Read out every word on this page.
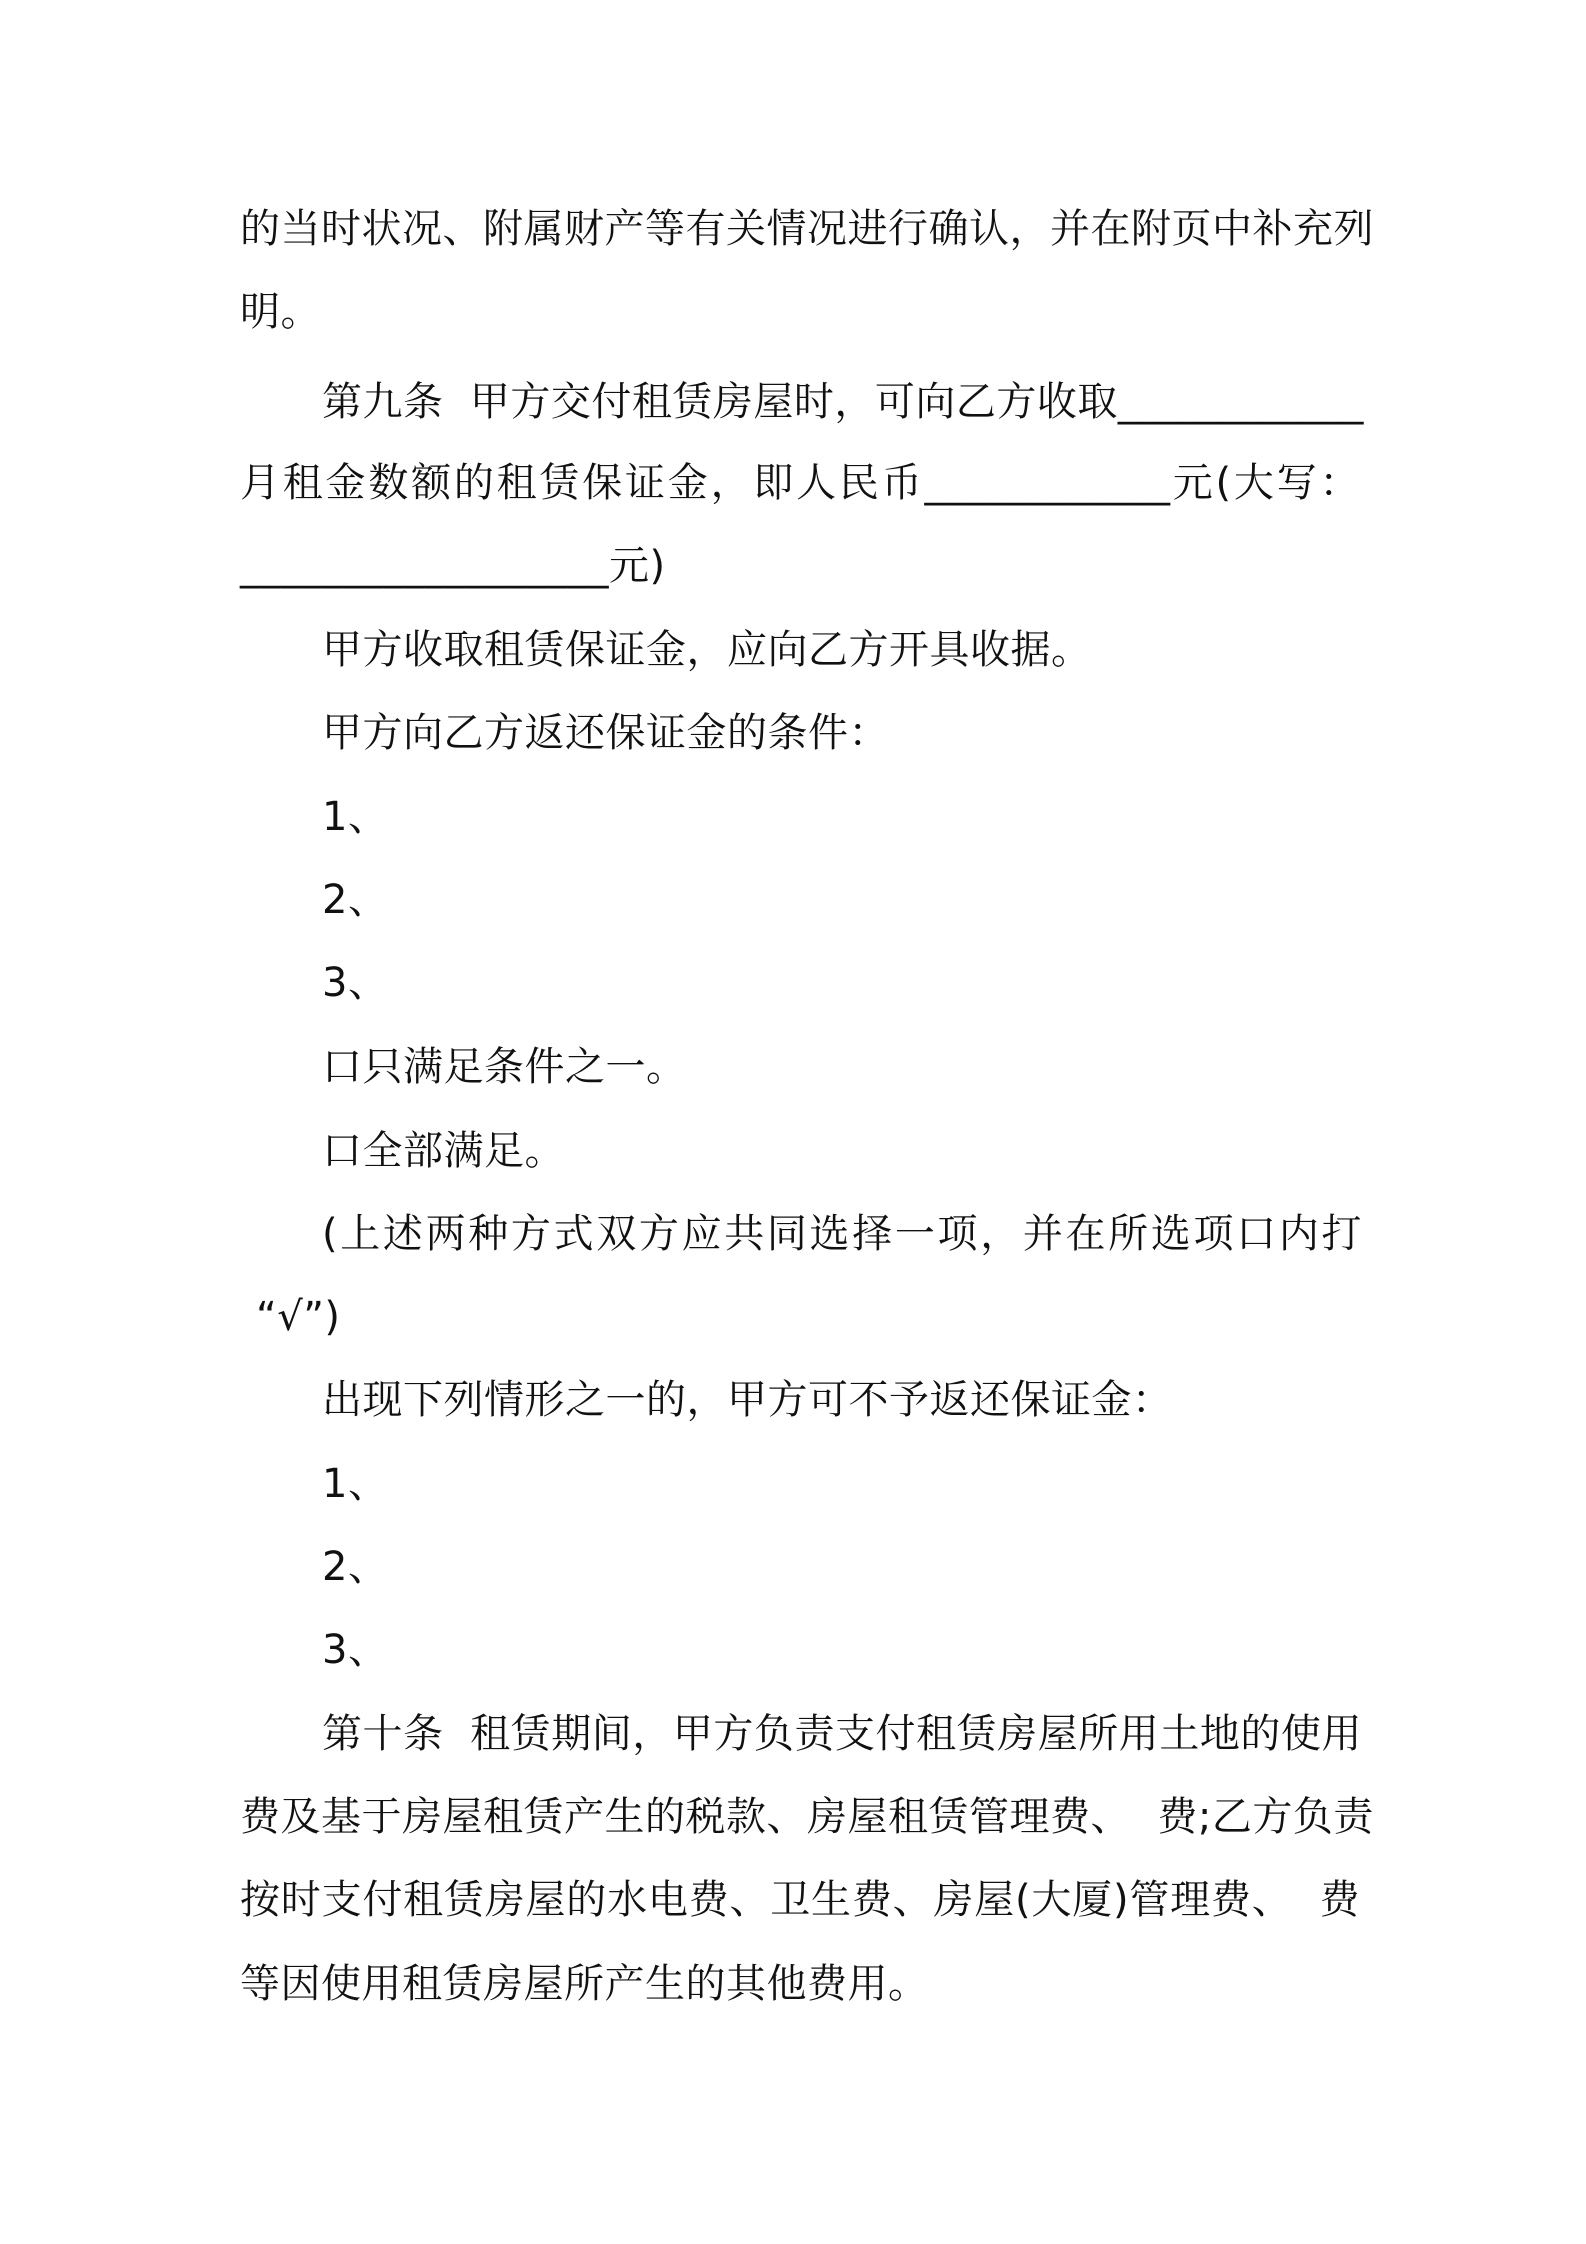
的当时状况、附属财产等有关情况进行确认，并在附页中补充列
明。
第九条  甲方交付租赁房屋时，可向乙方收取____________
月租金数额的租赁保证金，即人民币____________元(大写：
__________________元)
甲方收取租赁保证金，应向乙方开具收据。
甲方向乙方返还保证金的条件：
1、
2、
3、
口只满足条件之一。
口全部满足。
(上述两种方式双方应共同选择一项，并在所选项口内打
“√”)
出现下列情形之一的，甲方可不予返还保证金：
1、
2、
3、
第十条  租赁期间，甲方负责支付租赁房屋所用土地的使用
费及基于房屋租赁产生的税款、房屋租赁管理费、  费;乙方负责
按时支付租赁房屋的水电费、卫生费、房屋(大厦)管理费、  费
等因使用租赁房屋所产生的其他费用。
